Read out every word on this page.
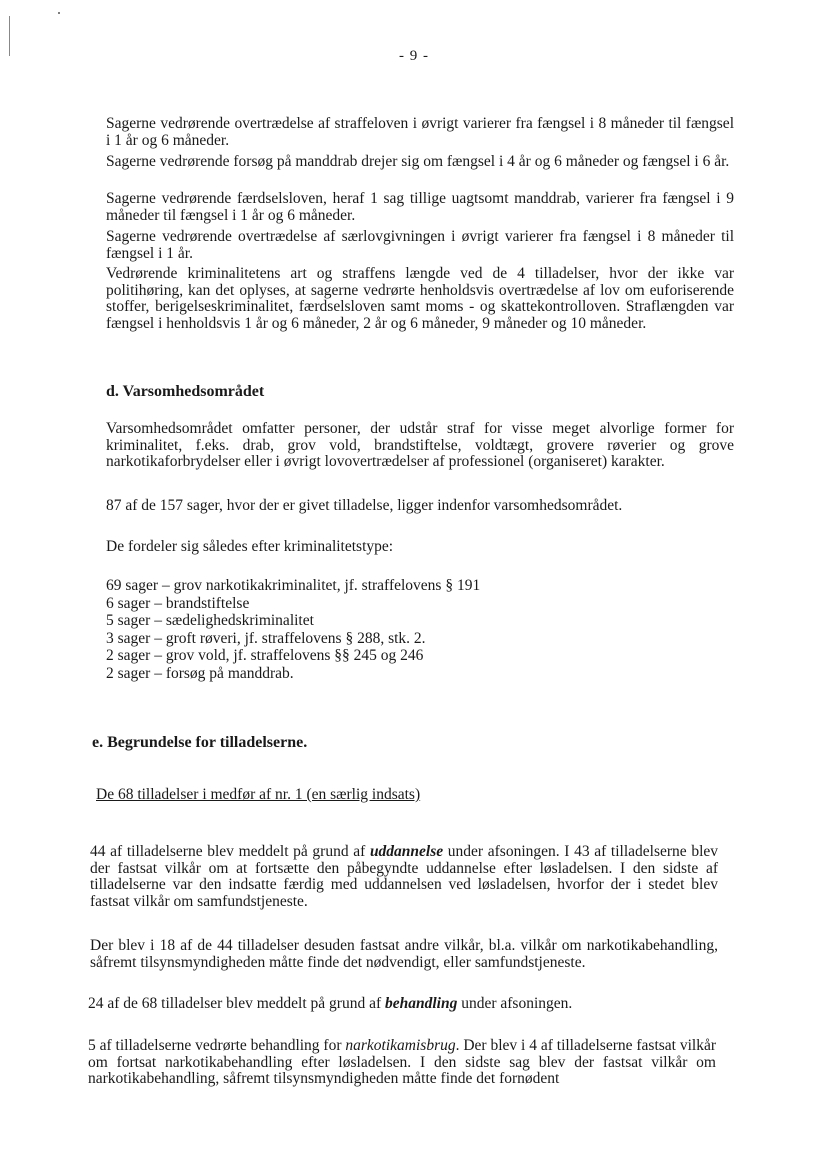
- 9 -
Sagerne vedrørende overtrædelse af straffeloven i øvrigt varierer fra fængsel i 8 måneder til fængsel i 1 år og 6 måneder.
Sagerne vedrørende forsøg på manddrab drejer sig om fængsel i 4 år og 6 måneder og fængsel i 6 år.
Sagerne vedrørende færdselsloven, heraf 1 sag tillige uagtsomt manddrab, varierer fra fængsel i 9 måneder til fængsel i 1 år og 6 måneder.
Sagerne vedrørende overtrædelse af særlovgivningen i øvrigt varierer fra fængsel i 8 måneder til fængsel i 1 år.
Vedrørende kriminalitetens art og straffens længde ved de 4 tilladelser, hvor der ikke var politihøring, kan det oplyses, at sagerne vedrørte henholdsvis overtrædelse af lov om euforiserende stoffer, berigelseskriminalitet, færdselsloven samt moms - og skattekontrolloven. Straflængden var fængsel i henholdsvis 1 år og 6 måneder, 2 år og 6 måneder, 9 måneder og 10 måneder.
d. Varsomhedsområdet
Varsomhedsområdet omfatter personer, der udstår straf for visse meget alvorlige former for kriminalitet, f.eks. drab, grov vold, brandstiftelse, voldtægt, grovere røverier og grove narkotikaforbrydelser eller i øvrigt lovovertrædelser af professionel (organiseret) karakter.
87 af de 157 sager, hvor der er givet tilladelse, ligger indenfor varsomhedsområdet.
De fordeler sig således efter kriminalitetstype:
69 sager – grov narkotikakriminalitet, jf. straffelovens § 191
6 sager – brandstiftelse
5 sager – sædelighedskriminalitet
3 sager – groft røveri, jf. straffelovens § 288, stk. 2.
2 sager – grov vold, jf. straffelovens §§ 245 og 246
2 sager – forsøg på manddrab.
e. Begrundelse for tilladelserne.
De 68 tilladelser i medfør af nr. 1 (en særlig indsats)
44 af tilladelserne blev meddelt på grund af uddannelse under afsoningen. I 43 af tilladelserne blev der fastsat vilkår om at fortsætte den påbegyndte uddannelse efter løsladelsen. I den sidste af tilladelserne var den indsatte færdig med uddannelsen ved løsladelsen, hvorfor der i stedet blev fastsat vilkår om samfundstjeneste.
Der blev i 18 af de 44 tilladelser desuden fastsat andre vilkår, bl.a. vilkår om narkotikabehandling, såfremt tilsynsmyndigheden måtte finde det nødvendigt, eller samfundstjeneste.
24 af de 68 tilladelser blev meddelt på grund af behandling under afsoningen.
5 af tilladelserne vedrørte behandling for narkotikamisbrug. Der blev i 4 af tilladelserne fastsat vilkår om fortsat narkotikabehandling efter løsladelsen. I den sidste sag blev der fastsat vilkår om narkotikabehandling, såfremt tilsynsmyndigheden måtte finde det fornødent
